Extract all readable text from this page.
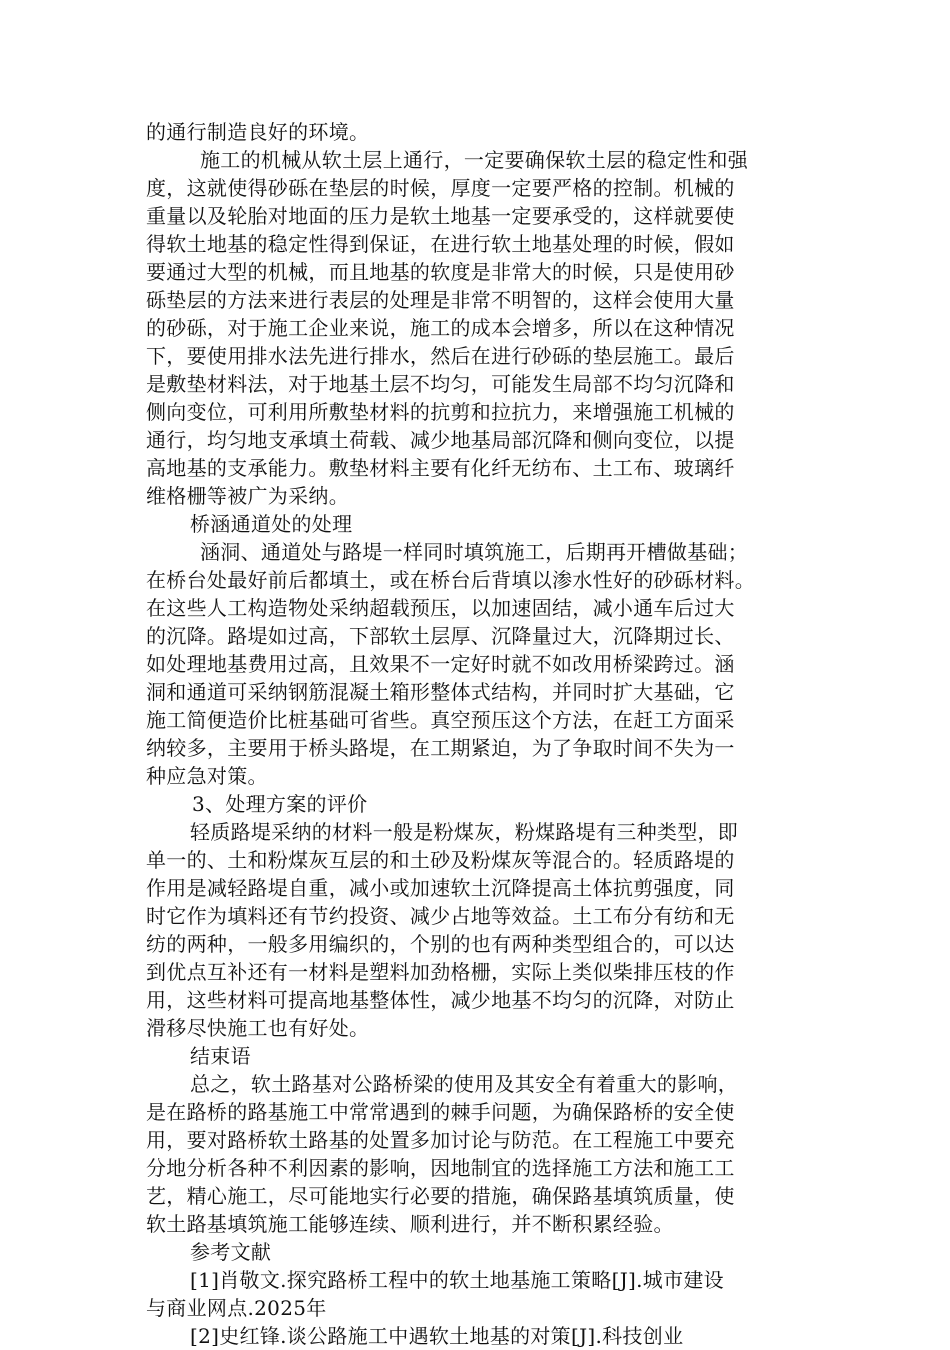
的通行制造良好的环境。
施工的机械从软土层上通行，一定要确保软土层的稳定性和强
度，这就使得砂砾在垫层的时候，厚度一定要严格的控制。机械的
重量以及轮胎对地面的压力是软土地基一定要承受的，这样就要使
得软土地基的稳定性得到保证，在进行软土地基处理的时候，假如
要通过大型的机械，而且地基的软度是非常大的时候，只是使用砂
砾垫层的方法来进行表层的处理是非常不明智的，这样会使用大量
的砂砾，对于施工企业来说，施工的成本会增多，所以在这种情况
下，要使用排水法先进行排水，然后在进行砂砾的垫层施工。最后
是敷垫材料法，对于地基土层不均匀，可能发生局部不均匀沉降和
侧向变位，可利用所敷垫材料的抗剪和拉抗力，来增强施工机械的
通行，均匀地支承填土荷载、减少地基局部沉降和侧向变位，以提
高地基的支承能力。敷垫材料主要有化纤无纺布、土工布、玻璃纤
维格栅等被广为采纳。
桥涵通道处的处理
涵洞、通道处与路堤一样同时填筑施工，后期再开槽做基础；
在桥台处最好前后都填土，或在桥台后背填以渗水性好的砂砾材料。
在这些人工构造物处采纳超载预压，以加速固结，减小通车后过大
的沉降。路堤如过高，下部软土层厚、沉降量过大，沉降期过长、
如处理地基费用过高，且效果不一定好时就不如改用桥梁跨过。涵
洞和通道可采纳钢筋混凝土箱形整体式结构，并同时扩大基础，它
施工简便造价比桩基础可省些。真空预压这个方法，在赶工方面采
纳较多，主要用于桥头路堤，在工期紧迫，为了争取时间不失为一
种应急对策。
3、处理方案的评价
轻质路堤采纳的材料一般是粉煤灰，粉煤路堤有三种类型，即
单一的、土和粉煤灰互层的和土砂及粉煤灰等混合的。轻质路堤的
作用是减轻路堤自重，减小或加速软土沉降提高土体抗剪强度，同
时它作为填料还有节约投资、减少占地等效益。土工布分有纺和无
纺的两种，一般多用编织的，个别的也有两种类型组合的，可以达
到优点互补还有一材料是塑料加劲格栅，实际上类似柴排压枝的作
用，这些材料可提高地基整体性，减少地基不均匀的沉降，对防止
滑移尽快施工也有好处。
结束语
总之，软土路基对公路桥梁的使用及其安全有着重大的影响，
是在路桥的路基施工中常常遇到的棘手问题，为确保路桥的安全使
用，要对路桥软土路基的处置多加讨论与防范。在工程施工中要充
分地分析各种不利因素的影响，因地制宜的选择施工方法和施工工
艺，精心施工，尽可能地实行必要的措施，确保路基填筑质量，使
软土路基填筑施工能够连续、顺利进行，并不断积累经验。
参考文献
[1]肖敬文.探究路桥工程中的软土地基施工策略[J].城市建设
与商业网点.2025年
[2]史红锋.谈公路施工中遇软土地基的对策[J].科技创业
